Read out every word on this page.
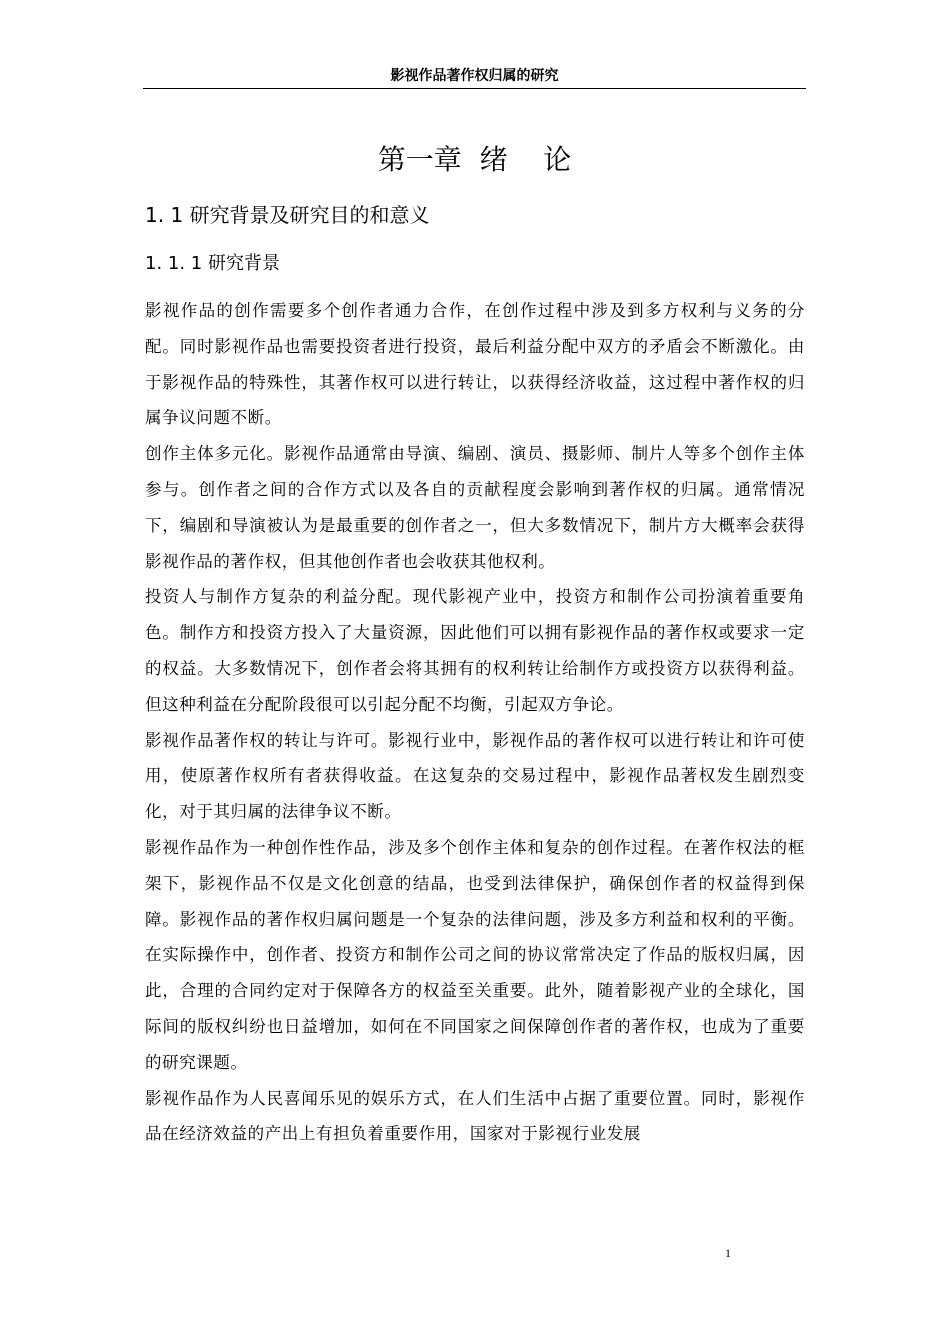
影视作品著作权归属的研究
第一章  绪    论
1. 1 研究背景及研究目的和意义
1. 1. 1 研究背景

影视作品的创作需要多个创作者通力合作，在创作过程中涉及到多方权利与义务的分配。同时影视作品也需要投资者进行投资，最后利益分配中双方的矛盾会不断激化。由于影视作品的特殊性，其著作权可以进行转让，以获得经济收益，这过程中著作权的归属争议问题不断。

创作主体多元化。影视作品通常由导演、编剧、演员、摄影师、制片人等多个创作主体参与。创作者之间的合作方式以及各自的贡献程度会影响到著作权的归属。通常情况下，编剧和导演被认为是最重要的创作者之一，但大多数情况下，制片方大概率会获得影视作品的著作权，但其他创作者也会收获其他权利。

投资人与制作方复杂的利益分配。现代影视产业中，投资方和制作公司扮演着重要角色。制作方和投资方投入了大量资源，因此他们可以拥有影视作品的著作权或要求一定的权益。大多数情况下，创作者会将其拥有的权利转让给制作方或投资方以获得利益。但这种利益在分配阶段很可以引起分配不均衡，引起双方争论。

影视作品著作权的转让与许可。影视行业中，影视作品的著作权可以进行转让和许可使用，使原著作权所有者获得收益。在这复杂的交易过程中，影视作品著权发生剧烈变化，对于其归属的法律争议不断。

影视作品作为一种创作性作品，涉及多个创作主体和复杂的创作过程。在著作权法的框架下，影视作品不仅是文化创意的结晶，也受到法律保护，确保创作者的权益得到保障。影视作品的著作权归属问题是一个复杂的法律问题，涉及多方利益和权利的平衡。在实际操作中，创作者、投资方和制作公司之间的协议常常决定了作品的版权归属，因此，合理的合同约定对于保障各方的权益至关重要。此外，随着影视产业的全球化，国际间的版权纠纷也日益增加，如何在不同国家之间保障创作者的著作权，也成为了重要的研究课题。

影视作品作为人民喜闻乐见的娱乐方式，在人们生活中占据了重要位置。同时，影视作品在经济效益的产出上有担负着重要作用，国家对于影视行业发展

1
